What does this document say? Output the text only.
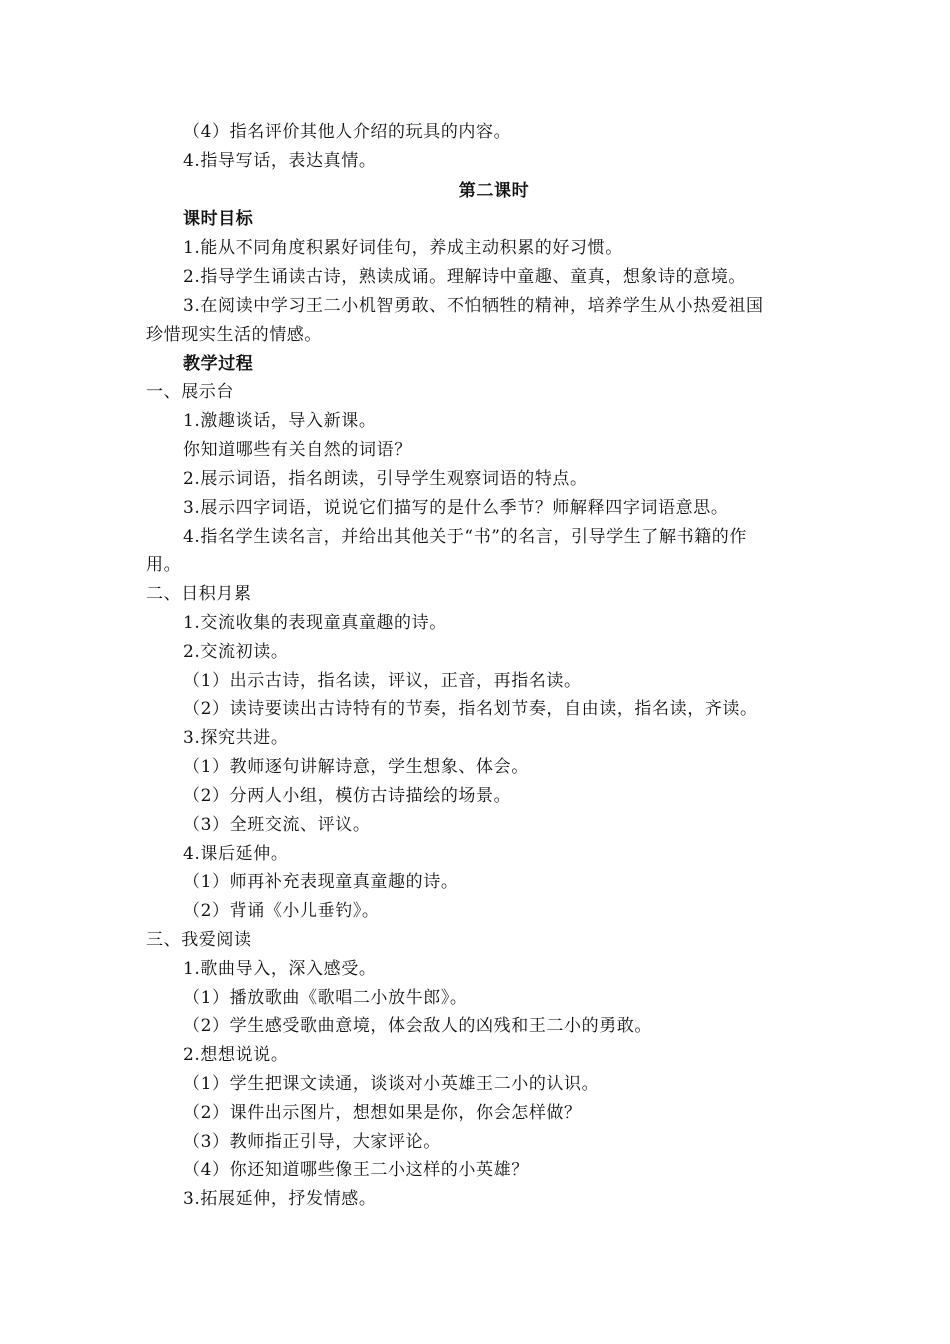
（4）指名评价其他人介绍的玩具的内容。
4.指导写话，表达真情。
第二课时
课时目标
1.能从不同角度积累好词佳句，养成主动积累的好习惯。
2.指导学生诵读古诗，熟读成诵。理解诗中童趣、童真，想象诗的意境。
3.在阅读中学习王二小机智勇敢、不怕牺牲的精神，培养学生从小热爱祖国
珍惜现实生活的情感。
教学过程
一、展示台
1.激趣谈话，导入新课。
你知道哪些有关自然的词语？
2.展示词语，指名朗读，引导学生观察词语的特点。
3.展示四字词语，说说它们描写的是什么季节？师解释四字词语意思。
4.指名学生读名言，并给出其他关于“书”的名言，引导学生了解书籍的作
用。
二、日积月累
1.交流收集的表现童真童趣的诗。
2.交流初读。
（1）出示古诗，指名读，评议，正音，再指名读。
（2）读诗要读出古诗特有的节奏，指名划节奏，自由读，指名读，齐读。
3.探究共进。
（1）教师逐句讲解诗意，学生想象、体会。
（2）分两人小组，模仿古诗描绘的场景。
（3）全班交流、评议。
4.课后延伸。
（1）师再补充表现童真童趣的诗。
（2）背诵《小儿垂钓》。
三、我爱阅读
1.歌曲导入，深入感受。
（1）播放歌曲《歌唱二小放牛郎》。
（2）学生感受歌曲意境，体会敌人的凶残和王二小的勇敢。
2.想想说说。
（1）学生把课文读通，谈谈对小英雄王二小的认识。
（2）课件出示图片，想想如果是你，你会怎样做？
（3）教师指正引导，大家评论。
（4）你还知道哪些像王二小这样的小英雄？
3.拓展延伸，抒发情感。
